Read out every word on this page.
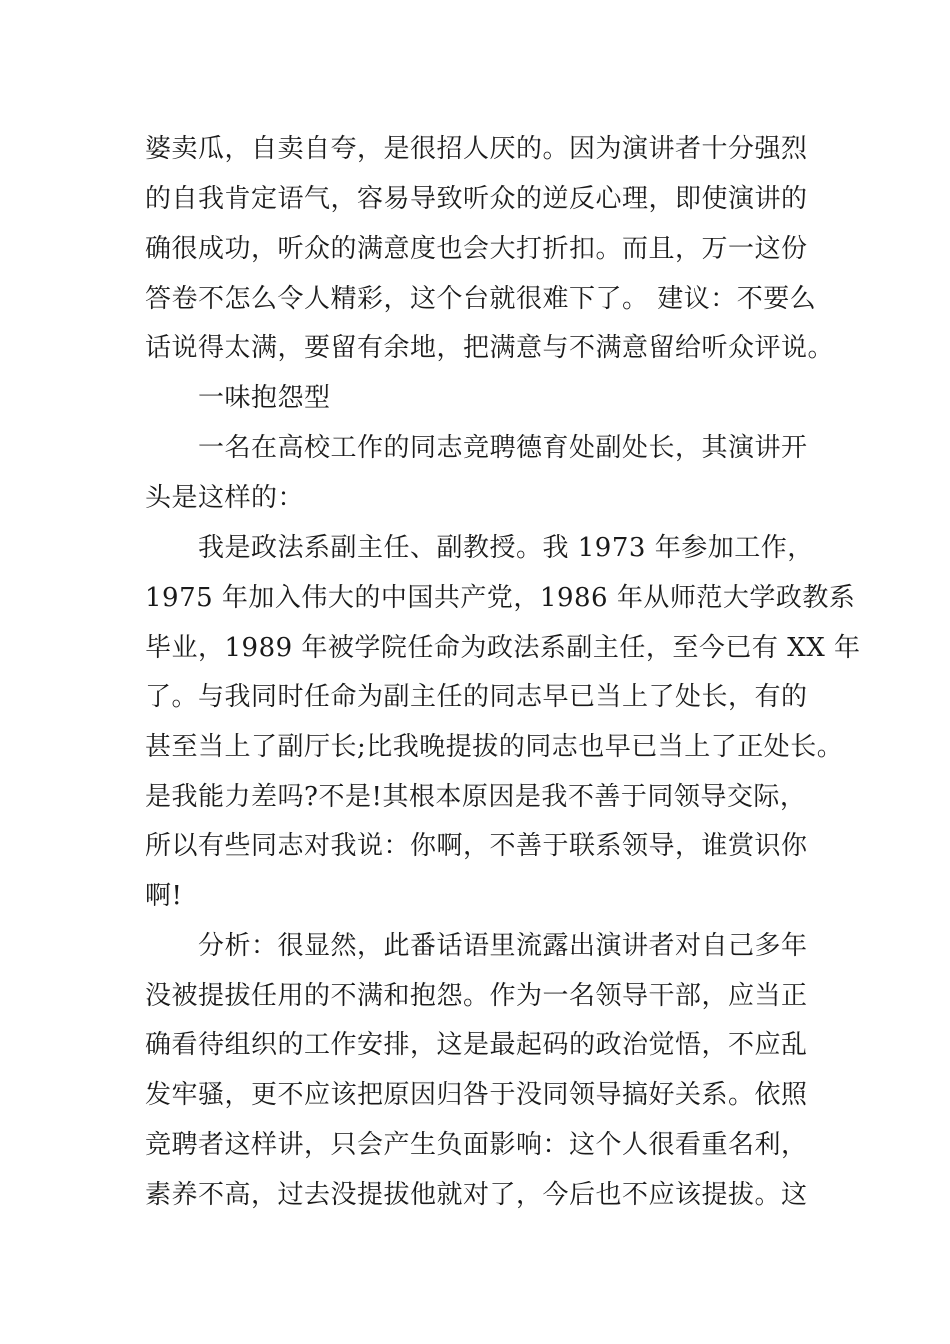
婆卖瓜，自卖自夸，是很招人厌的。因为演讲者十分强烈
的自我肯定语气，容易导致听众的逆反心理，即使演讲的
确很成功，听众的满意度也会大打折扣。而且，万一这份
答卷不怎么令人精彩，这个台就很难下了。 建议：不要么
话说得太满，要留有余地，把满意与不满意留给听众评说。
一味抱怨型
一名在高校工作的同志竞聘德育处副处长，其演讲开
头是这样的：
我是政法系副主任、副教授。我 1973 年参加工作，
1975 年加入伟大的中国共产党，1986 年从师范大学政教系
毕业，1989 年被学院任命为政法系副主任，至今已有 XX 年
了。与我同时任命为副主任的同志早已当上了处长，有的
甚至当上了副厅长;比我晚提拔的同志也早已当上了正处长。
是我能力差吗?不是!其根本原因是我不善于同领导交际，
所以有些同志对我说：你啊，不善于联系领导，谁赏识你
啊!
分析：很显然，此番话语里流露出演讲者对自己多年
没被提拔任用的不满和抱怨。作为一名领导干部，应当正
确看待组织的工作安排，这是最起码的政治觉悟，不应乱
发牢骚，更不应该把原因归咎于没同领导搞好关系。依照
竞聘者这样讲，只会产生负面影响：这个人很看重名利，
素养不高，过去没提拔他就对了，今后也不应该提拔。这
